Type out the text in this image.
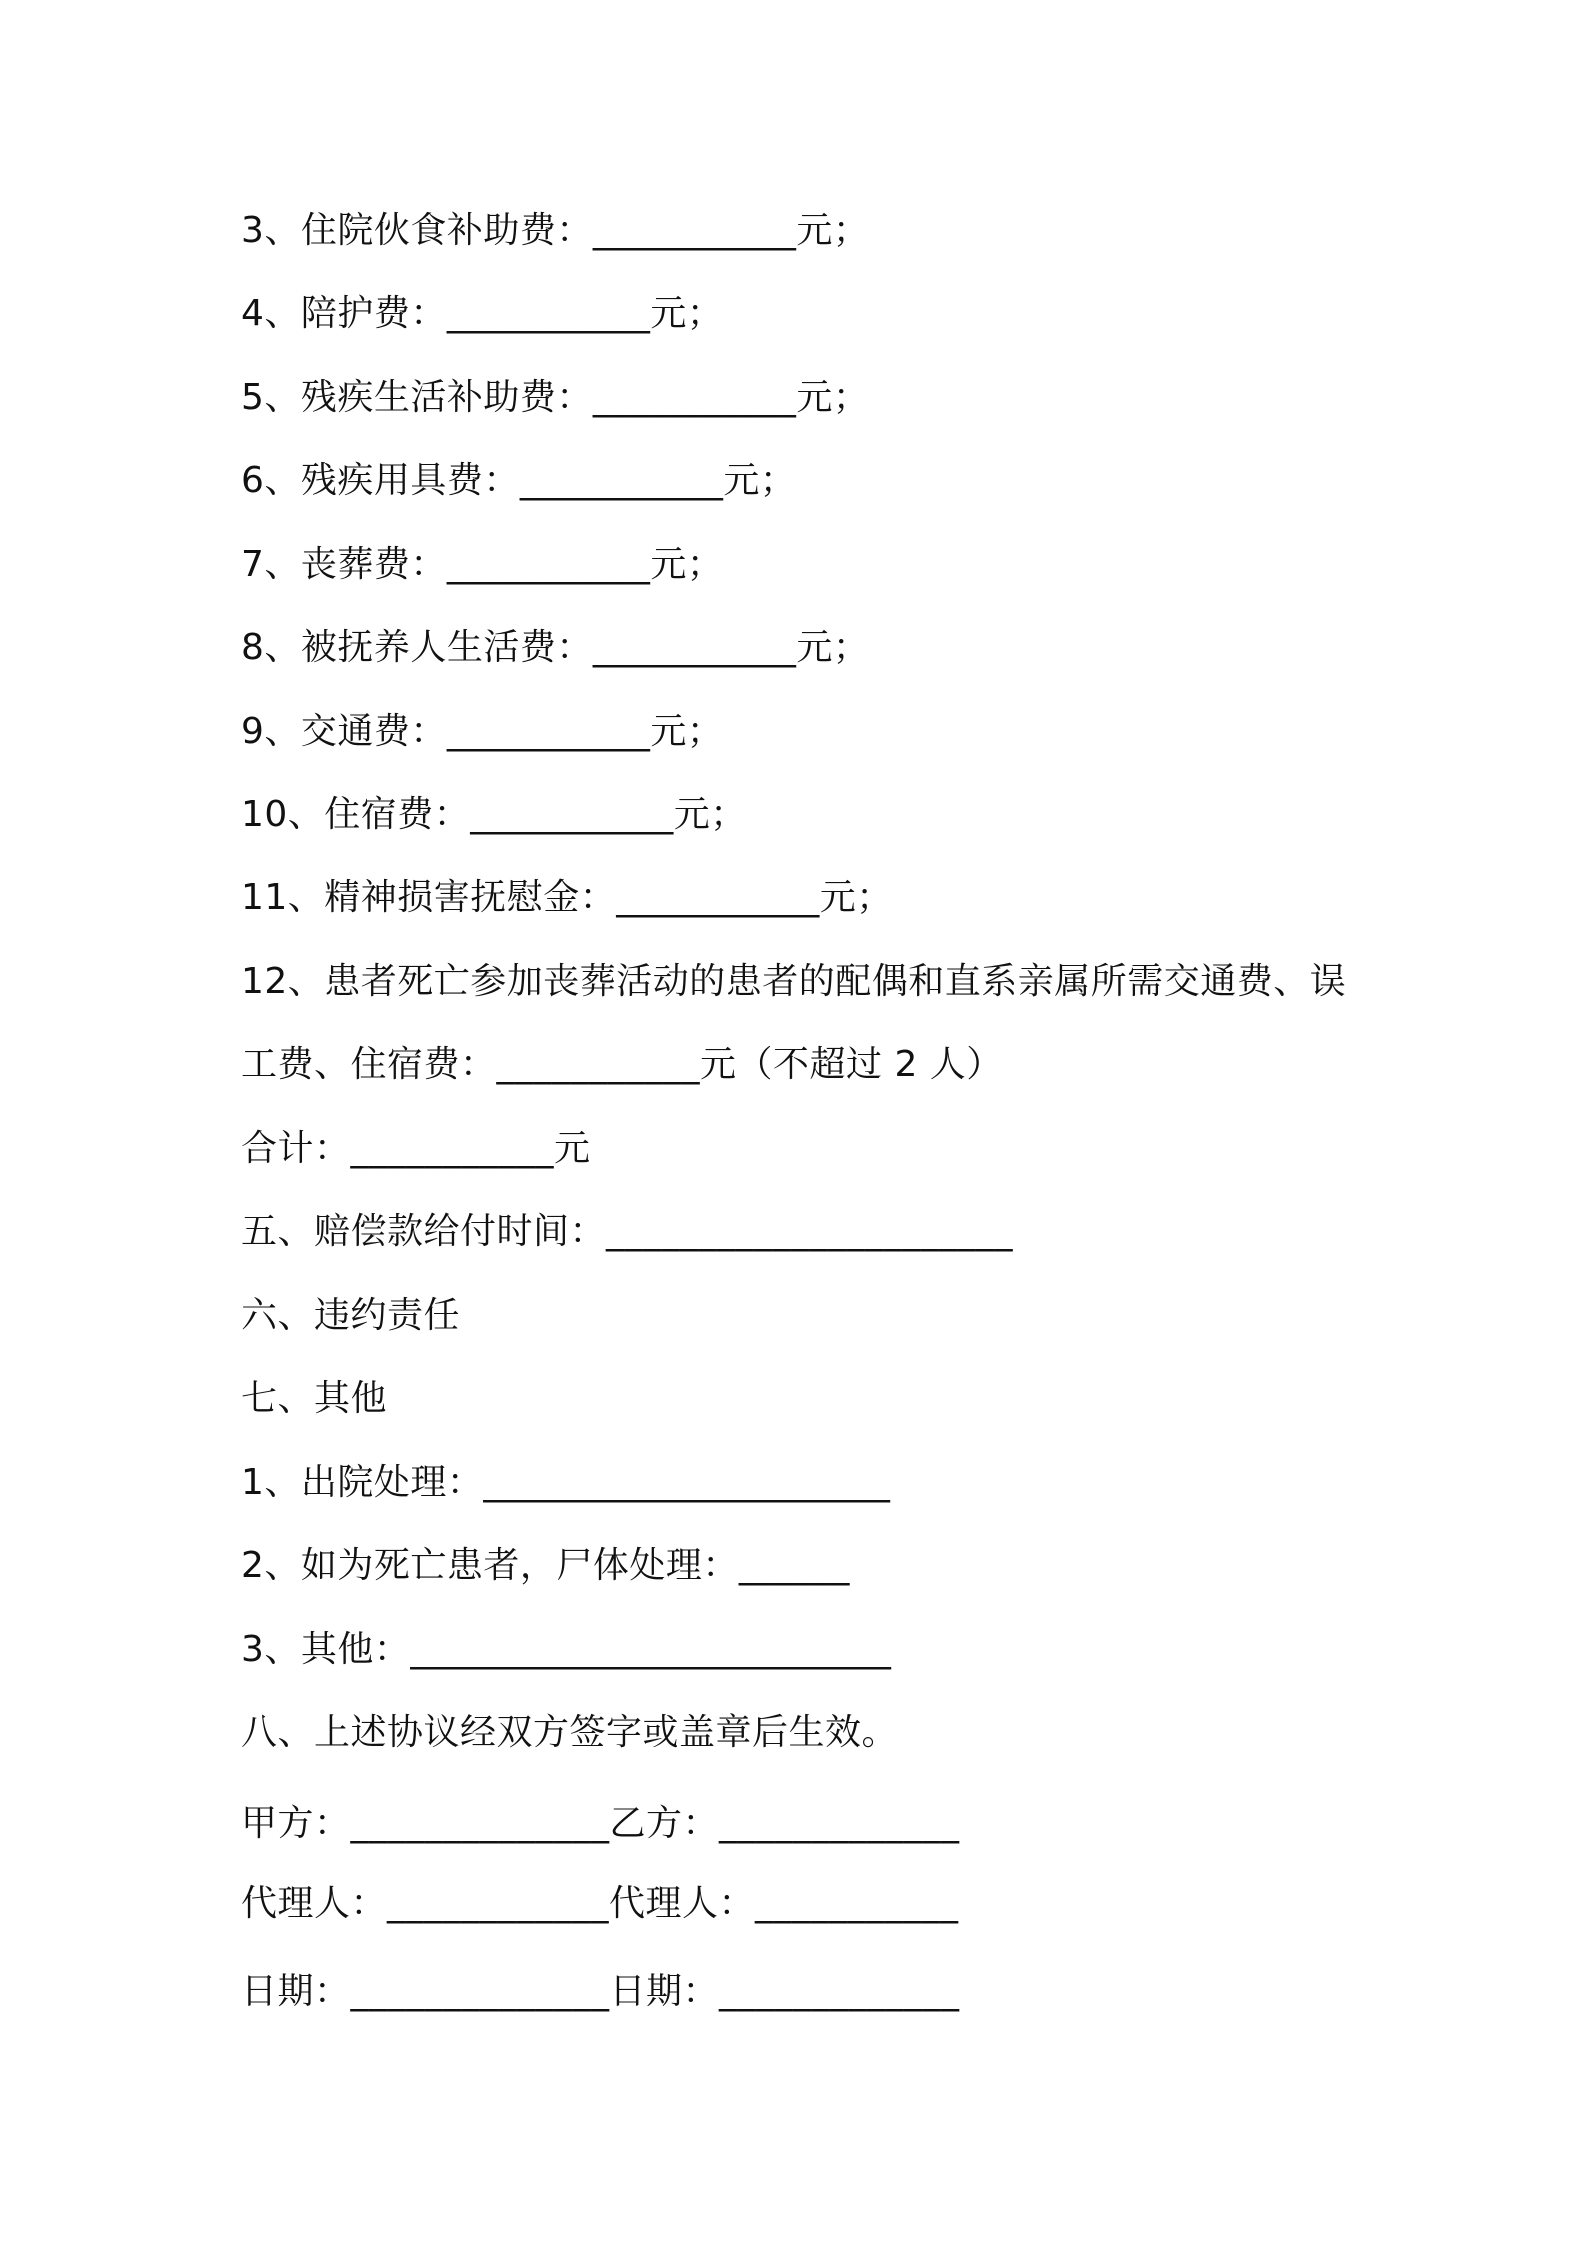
3、住院伙食补助费：___________元；
4、陪护费：___________元；
5、残疾生活补助费：___________元；
6、残疾用具费：___________元；
7、丧葬费：___________元；
8、被抚养人生活费：___________元；
9、交通费：___________元；
10、住宿费：___________元；
11、精神损害抚慰金：___________元；
12、患者死亡参加丧葬活动的患者的配偶和直系亲属所需交通费、误
工费、住宿费：___________元（不超过 2 人）
合计：___________元
五、赔偿款给付时间：______________________
六、违约责任
七、其他
1、出院处理：______________________
2、如为死亡患者，尸体处理：______
3、其他：__________________________
八、上述协议经双方签字或盖章后生效。
甲方：______________乙方：_____________
代理人：____________代理人：___________
日期：______________日期：_____________
